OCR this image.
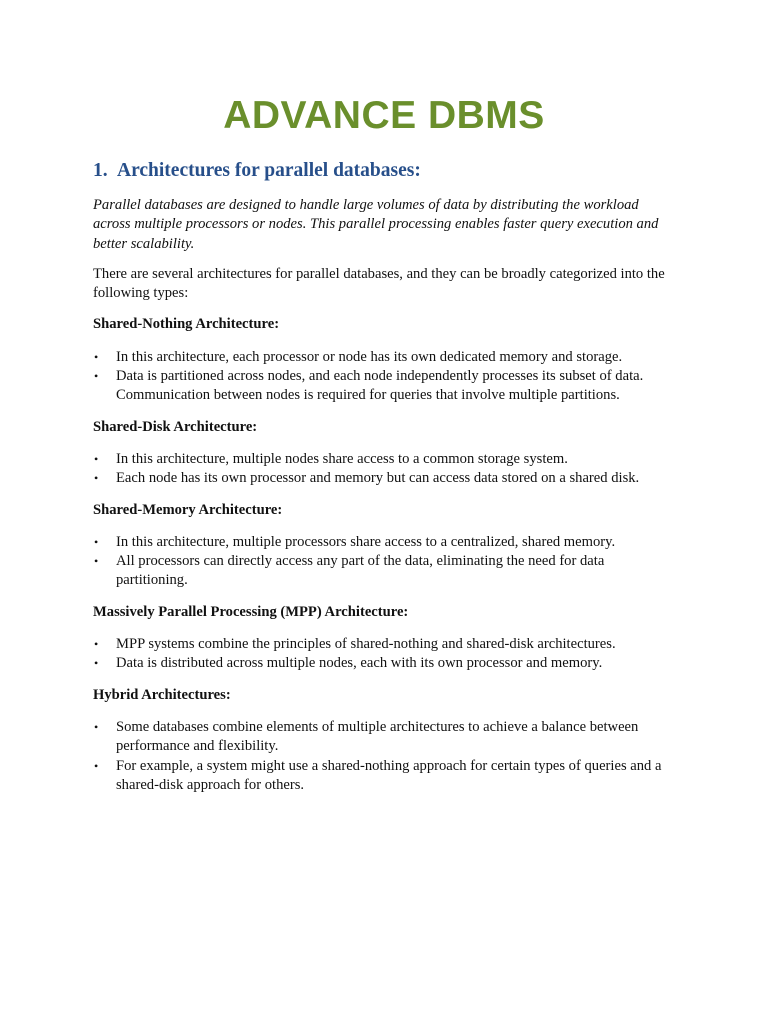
ADVANCE DBMS
1. Architectures for parallel databases:

Parallel databases are designed to handle large volumes of data by distributing the workload across multiple processors or nodes. This parallel processing enables faster query execution and better scalability.

There are several architectures for parallel databases, and they can be broadly categorized into the following types:

Shared-Nothing Architecture:

• In this architecture, each processor or node has its own dedicated memory and storage.
• Data is partitioned across nodes, and each node independently processes its subset of data. Communication between nodes is required for queries that involve multiple partitions.

Shared-Disk Architecture:

• In this architecture, multiple nodes share access to a common storage system.
• Each node has its own processor and memory but can access data stored on a shared disk.

Shared-Memory Architecture:

• In this architecture, multiple processors share access to a centralized, shared memory.
• All processors can directly access any part of the data, eliminating the need for data partitioning.

Massively Parallel Processing (MPP) Architecture:

• MPP systems combine the principles of shared-nothing and shared-disk architectures.
• Data is distributed across multiple nodes, each with its own processor and memory.

Hybrid Architectures:

• Some databases combine elements of multiple architectures to achieve a balance between performance and flexibility.
• For example, a system might use a shared-nothing approach for certain types of queries and a shared-disk approach for others.
